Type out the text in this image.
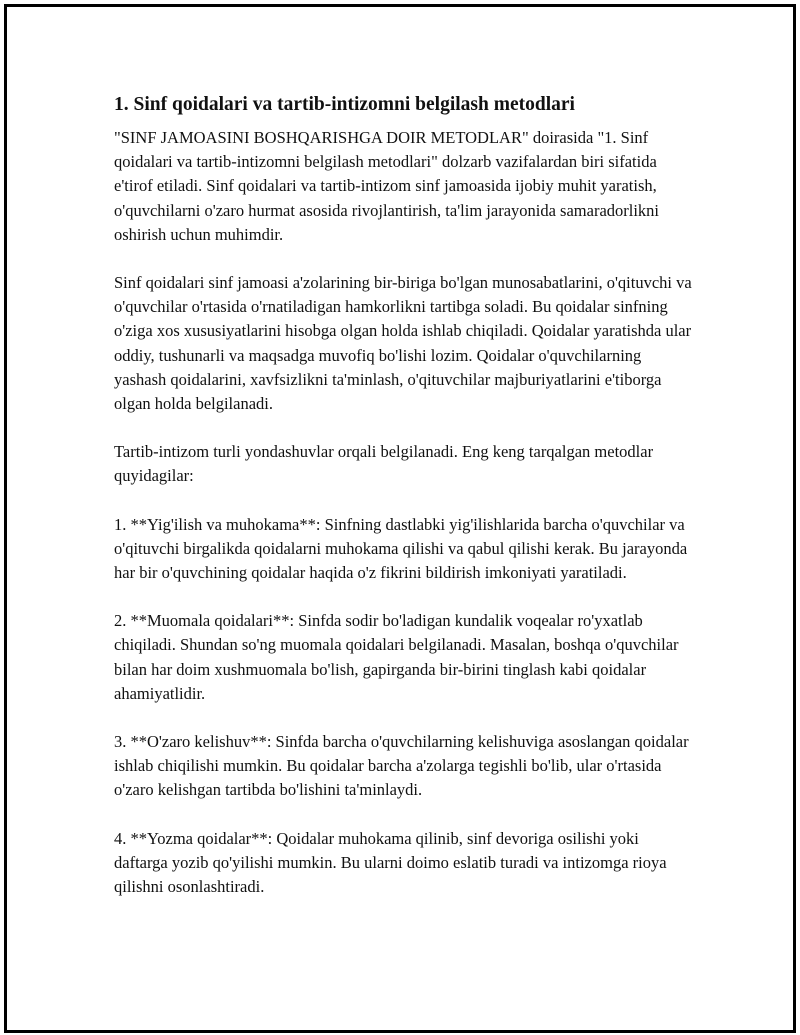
1. Sinf qoidalari va tartib-intizomni belgilash metodlari

"SINF JAMOASINI BOSHQARISHGA DOIR METODLAR" doirasida "1. Sinf qoidalari va tartib-intizomni belgilash metodlari" dolzarb vazifalardan biri sifatida e'tirof etiladi. Sinf qoidalari va tartib-intizom sinf jamoasida ijobiy muhit yaratish, o'quvchilarni o'zaro hurmat asosida rivojlantirish, ta'lim jarayonida samaradorlikni oshirish uchun muhimdir.

Sinf qoidalari sinf jamoasi a'zolarining bir-biriga bo'lgan munosabatlarini, o'qituvchi va o'quvchilar o'rtasida o'rnatiladigan hamkorlikni tartibga soladi. Bu qoidalar sinfning o'ziga xos xususiyatlarini hisobga olgan holda ishlab chiqiladi. Qoidalar yaratishda ular oddiy, tushunarli va maqsadga muvofiq bo'lishi lozim. Qoidalar o'quvchilarning yashash qoidalarini, xavfsizlikni ta'minlash, o'qituvchilar majburiyatlarini e'tiborga olgan holda belgilanadi.

Tartib-intizom turli yondashuvlar orqali belgilanadi. Eng keng tarqalgan metodlar quyidagilar:

1. **Yig'ilish va muhokama**: Sinfning dastlabki yig'ilishlarida barcha o'quvchilar va o'qituvchi birgalikda qoidalarni muhokama qilishi va qabul qilishi kerak. Bu jarayonda har bir o'quvchining qoidalar haqida o'z fikrini bildirish imkoniyati yaratiladi.

2. **Muomala qoidalari**: Sinfda sodir bo'ladigan kundalik voqealar ro'yxatlab chiqiladi. Shundan so'ng muomala qoidalari belgilanadi. Masalan, boshqa o'quvchilar bilan har doim xushmuomala bo'lish, gapirganda bir-birini tinglash kabi qoidalar ahamiyatlidir.

3. **O'zaro kelishuv**: Sinfda barcha o'quvchilarning kelishuviga asoslangan qoidalar ishlab chiqilishi mumkin. Bu qoidalar barcha a'zolarga tegishli bo'lib, ular o'rtasida o'zaro kelishgan tartibda bo'lishini ta'minlaydi.

4. **Yozma qoidalar**: Qoidalar muhokama qilinib, sinf devoriga osilishi yoki daftarga yozib qo'yilishi mumkin. Bu ularni doimo eslatib turadi va intizomga rioya qilishni osonlashtiradi.
